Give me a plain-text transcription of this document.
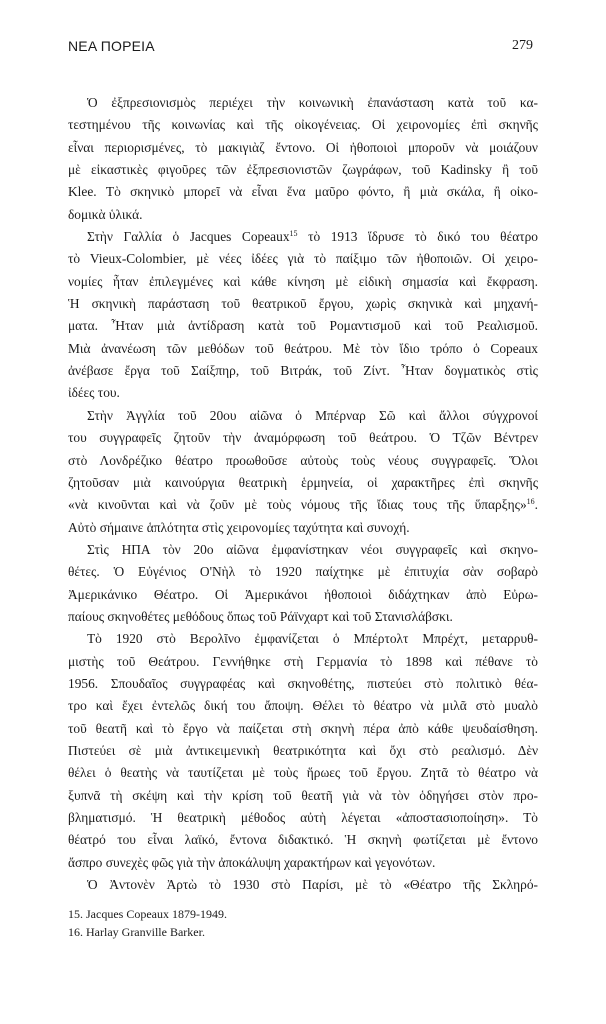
ΝΕΑ ΠΟΡΕΙΑ	279
Ὁ ἐξπρεσιονισμὸς περιέχει τὴν κοινωνικὴ ἐπανάσταση κατὰ τοῦ κα-
τεστημένου τῆς κοινωνίας καὶ τῆς οἰκογένειας. Οἱ χειρονομίες ἐπὶ σκηνῆς
εἶναι περιορισμένες, τὸ μακιγιὰζ ἔντονο. Οἱ ἠθοποιοὶ μποροῦν νὰ μοιάζουν
μὲ εἰκαστικὲς φιγοῦρες τῶν ἐξπρεσιονιστῶν ζωγράφων, τοῦ Kadinsky ἢ τοῦ
Klee. Τὸ σκηνικὸ μπορεῖ νὰ εἶναι ἕνα μαῦρο φόντο, ἢ μιὰ σκάλα, ἢ οἰκο-
δομικὰ ὑλικά.
Στὴν Γαλλία ὁ Jacques Copeaux$^{15}$ τὸ 1913 ἵδρυσε τὸ δικό του θέατρο
τὸ Vieux-Colombier, μὲ νέες ἰδέες γιὰ τὸ παίξιμο τῶν ἠθοποιῶν. Οἱ χειρο-
νομίες ἦταν ἐπιλεγμένες καὶ κάθε κίνηση μὲ εἰδικὴ σημασία καὶ ἔκφραση.
Ἡ σκηνικὴ παράσταση τοῦ θεατρικοῦ ἔργου, χωρὶς σκηνικὰ καὶ μηχανή-
ματα. Ἦταν μιὰ ἀντίδραση κατὰ τοῦ Ρομαντισμοῦ καὶ τοῦ Ρεαλισμοῦ.
Μιὰ ἀνανέωση τῶν μεθόδων τοῦ θεάτρου. Μὲ τὸν ἴδιο τρόπο ὁ Copeaux
ἀνέβασε ἔργα τοῦ Σαίξπηρ, τοῦ Βιτράκ, τοῦ Ζίντ. Ἦταν δογματικὸς στὶς
ἰδέες του.
Στὴν Ἀγγλία τοῦ 20ου αἰῶνα ὁ Μπέρναρ Σῶ καὶ ἄλλοι σύγχρονοί
του συγγραφεῖς ζητοῦν τὴν ἀναμόρφωση τοῦ θεάτρου. Ὁ Τζῶν Βέντρεν
στὸ Λονδρέζικο θέατρο προωθοῦσε αὐτοὺς τοὺς νέους συγγραφεῖς. Ὅλοι
ζητοῦσαν μιὰ καινούργια θεατρικὴ ἑρμηνεία, οἱ χαρακτῆρες ἐπὶ σκηνῆς
«νὰ κινοῦνται καὶ νὰ ζοῦν μὲ τοὺς νόμους τῆς ἴδιας τους τῆς ὕπαρξης»$^{16}$.
Αὐτὸ σήμαινε ἁπλότητα στὶς χειρονομίες ταχύτητα καὶ συνοχή.
Στὶς ΗΠΑ τὸν 20ο αἰῶνα ἐμφανίστηκαν νέοι συγγραφεῖς καὶ σκηνο-
θέτες. Ὁ Εὐγένιος Ο'Νὴλ τὸ 1920 παίχτηκε μὲ ἐπιτυχία σὰν σοβαρὸ
Ἀμερικάνικο Θέατρο. Οἱ Ἀμερικάνοι ἠθοποιοὶ διδάχτηκαν ἀπὸ Εὐρω-
παίους σκηνοθέτες μεθόδους ὅπως τοῦ Ράϊνχαρτ καὶ τοῦ Στανισλάβσκι.
Τὸ 1920 στὸ Βερολῖνο ἐμφανίζεται ὁ Μπέρτολτ Μπρέχτ, μεταρρυθ-
μιστὴς τοῦ Θεάτρου. Γεννήθηκε στὴ Γερμανία τὸ 1898 καὶ πέθανε τὸ
1956. Σπουδαῖος συγγραφέας καὶ σκηνοθέτης, πιστεύει στὸ πολιτικὸ θέα-
τρο καὶ ἔχει ἐντελῶς δική του ἄποψη. Θέλει τὸ θέατρο νὰ μιλᾶ στὸ μυαλὸ
τοῦ θεατῆ καὶ τὸ ἔργο νὰ παίζεται στὴ σκηνὴ πέρα ἀπὸ κάθε ψευδαίσθηση.
Πιστεύει σὲ μιὰ ἀντικειμενικὴ θεατρικότητα καὶ ὄχι στὸ ρεαλισμό. Δὲν
θέλει ὁ θεατὴς νὰ ταυτίζεται μὲ τοὺς ἥρωες τοῦ ἔργου. Ζητᾶ τὸ θέατρο νὰ
ξυπνᾶ τὴ σκέψη καὶ τὴν κρίση τοῦ θεατῆ γιὰ νὰ τὸν ὁδηγήσει στὸν προ-
βληματισμό. Ἡ θεατρικὴ μέθοδος αὐτὴ λέγεται «ἀποστασιοποίηση». Τὸ
θέατρό του εἶναι λαϊκό, ἔντονα διδακτικό. Ἡ σκηνὴ φωτίζεται μὲ ἔντονο
ἄσπρο συνεχὲς φῶς γιὰ τὴν ἀποκάλυψη χαρακτήρων καὶ γεγονότων.
Ὁ Ἀντονὲν Ἀρτὼ τὸ 1930 στὸ Παρίσι, μὲ τὸ «Θέατρο τῆς Σκληρό-
15. Jacques Copeaux 1879-1949.
16. Harlay Granville Barker.
